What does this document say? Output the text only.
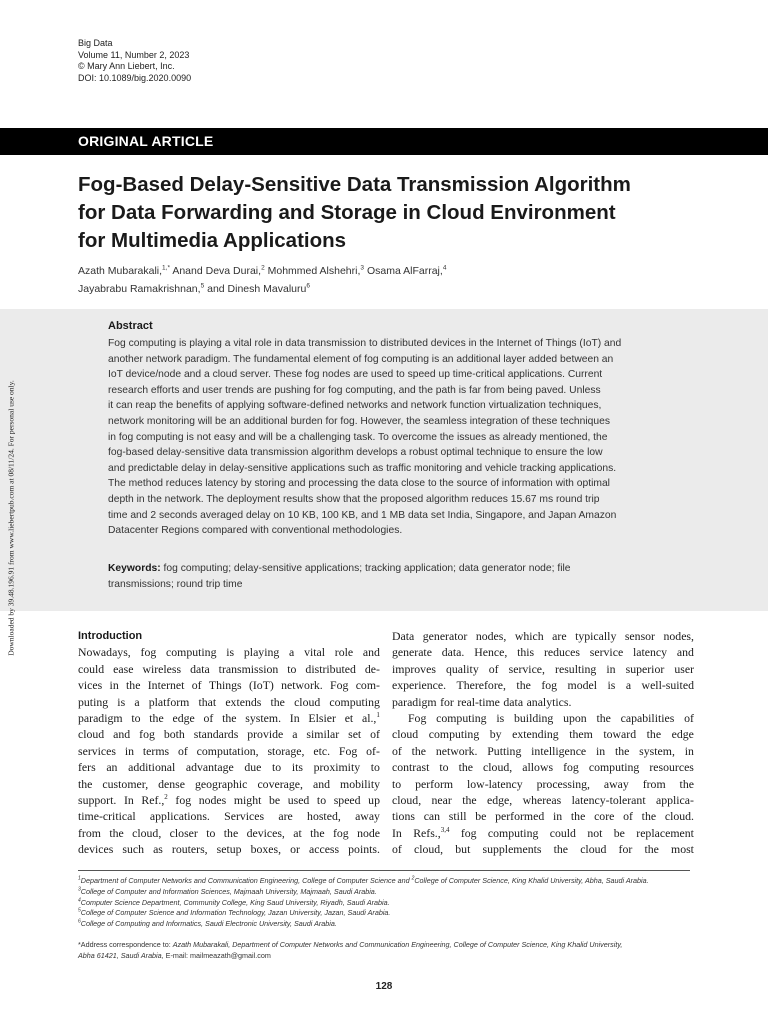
Big Data
Volume 11, Number 2, 2023
© Mary Ann Liebert, Inc.
DOI: 10.1089/big.2020.0090
ORIGINAL ARTICLE
Fog-Based Delay-Sensitive Data Transmission Algorithm
for Data Forwarding and Storage in Cloud Environment
for Multimedia Applications
Azath Mubarakali,$^{1,*}$ Anand Deva Durai,$^2$ Mohmmed Alshehri,$^3$ Osama AlFarraj,$^4$
Jayabrabu Ramakrishnan,$^5$ and Dinesh Mavaluru$^6$
Abstract
Fog computing is playing a vital role in data transmission to distributed devices in the Internet of Things (IoT) and
another network paradigm. The fundamental element of fog computing is an additional layer added between an
IoT device/node and a cloud server. These fog nodes are used to speed up time-critical applications. Current
research efforts and user trends are pushing for fog computing, and the path is far from being paved. Unless
it can reap the benefits of applying software-defined networks and network function virtualization techniques,
network monitoring will be an additional burden for fog. However, the seamless integration of these techniques
in fog computing is not easy and will be a challenging task. To overcome the issues as already mentioned, the
fog-based delay-sensitive data transmission algorithm develops a robust optimal technique to ensure the low
and predictable delay in delay-sensitive applications such as traffic monitoring and vehicle tracking applications.
The method reduces latency by storing and processing the data close to the source of information with optimal
depth in the network. The deployment results show that the proposed algorithm reduces 15.67 ms round trip
time and 2 seconds averaged delay on 10 KB, 100 KB, and 1 MB data set India, Singapore, and Japan Amazon
Datacenter Regions compared with conventional methodologies.
Keywords: fog computing; delay-sensitive applications; tracking application; data generator node; file
transmissions; round trip time
Downloaded by 39.48.196.91 from www.liebertpub.com at 08/11/24. For personal use only.	Introduction
Nowadays, fog computing is playing a vital role and
could ease wireless data transmission to distributed de-
vices in the Internet of Things (IoT) network. Fog com-
puting is a platform that extends the cloud computing
paradigm to the edge of the system. In Elsier et al.,$^1$
cloud and fog both standards provide a similar set of
services in terms of computation, storage, etc. Fog of-
fers an additional advantage due to its proximity to
the customer, dense geographic coverage, and mobility
support. In Ref.,$^2$ fog nodes might be used to speed up
time-critical applications. Services are hosted, away
from the cloud, closer to the devices, at the fog node
devices such as routers, setup boxes, or access points.
Data generator nodes, which are typically sensor nodes,
generate data. Hence, this reduces service latency and
improves quality of service, resulting in superior user
experience. Therefore, the fog model is a well-suited
paradigm for real-time data analytics.
Fog computing is building upon the capabilities of
cloud computing by extending them toward the edge
of the network. Putting intelligence in the system, in
contrast to the cloud, allows fog computing resources
to perform low-latency processing, away from the
cloud, near the edge, whereas latency-tolerant applica-
tions can still be performed in the core of the cloud.
In Refs.,$^{3,4}$ fog computing could not be replacement
of cloud, but supplements the cloud for the most
$^1$Department of Computer Networks and Communication Engineering, College of Computer Science and $^2$College of Computer Science, King Khalid University, Abha, Saudi Arabia.
$^3$College of Computer and Information Sciences, Majmaah University, Majmaah, Saudi Arabia.
$^4$Computer Science Department, Community College, King Saud University, Riyadh, Saudi Arabia.
$^5$College of Computer Science and Information Technology, Jazan University, Jazan, Saudi Arabia.
$^6$College of Computing and Informatics, Saudi Electronic University, Saudi Arabia.
*Address correspondence to: Azath Mubarakali, Department of Computer Networks and Communication Engineering, College of Computer Science, King Khalid University,
Abha 61421, Saudi Arabia, E-mail: mailmeazath@gmail.com
128
